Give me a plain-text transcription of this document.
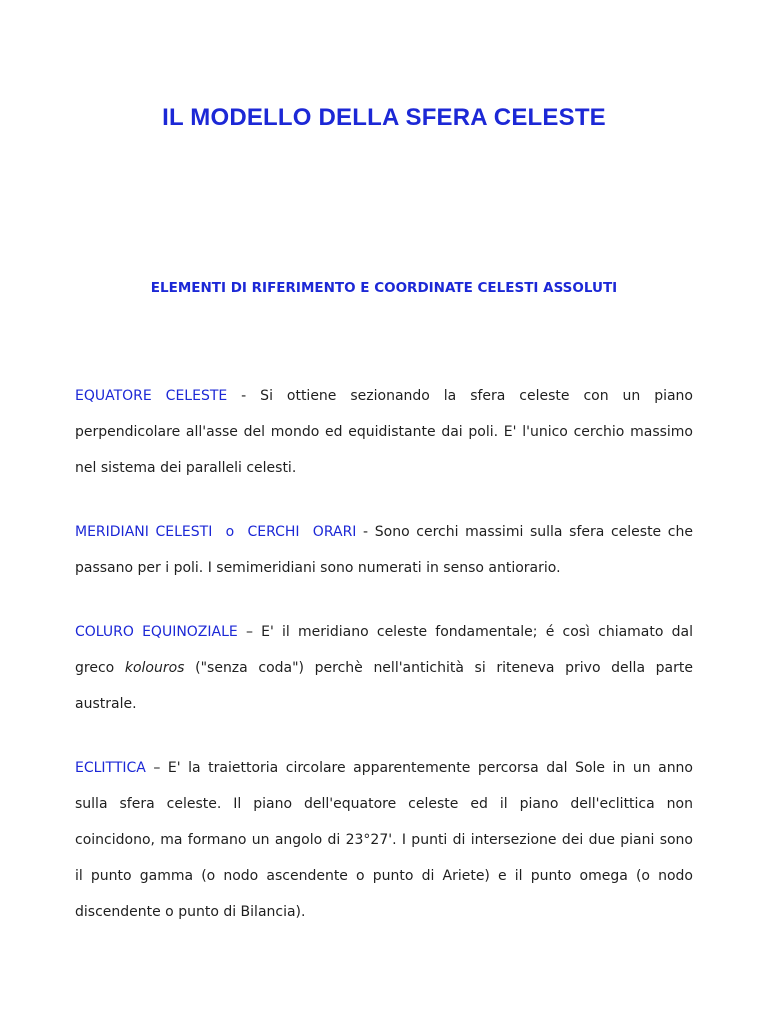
IL MODELLO DELLA SFERA CELESTE
ELEMENTI DI RIFERIMENTO E COORDINATE CELESTI ASSOLUTI

EQUATORE CELESTE - Si ottiene sezionando la sfera celeste con un piano perpendicolare all'asse del mondo ed equidistante dai poli. E' l'unico cerchio massimo nel sistema dei paralleli celesti.

MERIDIANI CELESTI  o  CERCHI  ORARI - Sono cerchi massimi sulla sfera celeste che passano per i poli. I semimeridiani sono numerati in senso antiorario.

COLURO EQUINOZIALE – E' il meridiano celeste fondamentale; é così chiamato dal greco kolouros ("senza coda") perchè nell'antichità si riteneva privo della parte australe.

ECLITTICA – E' la traiettoria circolare apparentemente percorsa dal Sole in un anno sulla sfera celeste. Il piano dell'equatore celeste ed il piano dell'eclittica non coincidono, ma formano un angolo di 23°27'. I punti di intersezione dei due piani sono il punto gamma (o nodo ascendente o punto di Ariete) e il punto omega (o nodo discendente o punto di Bilancia).
